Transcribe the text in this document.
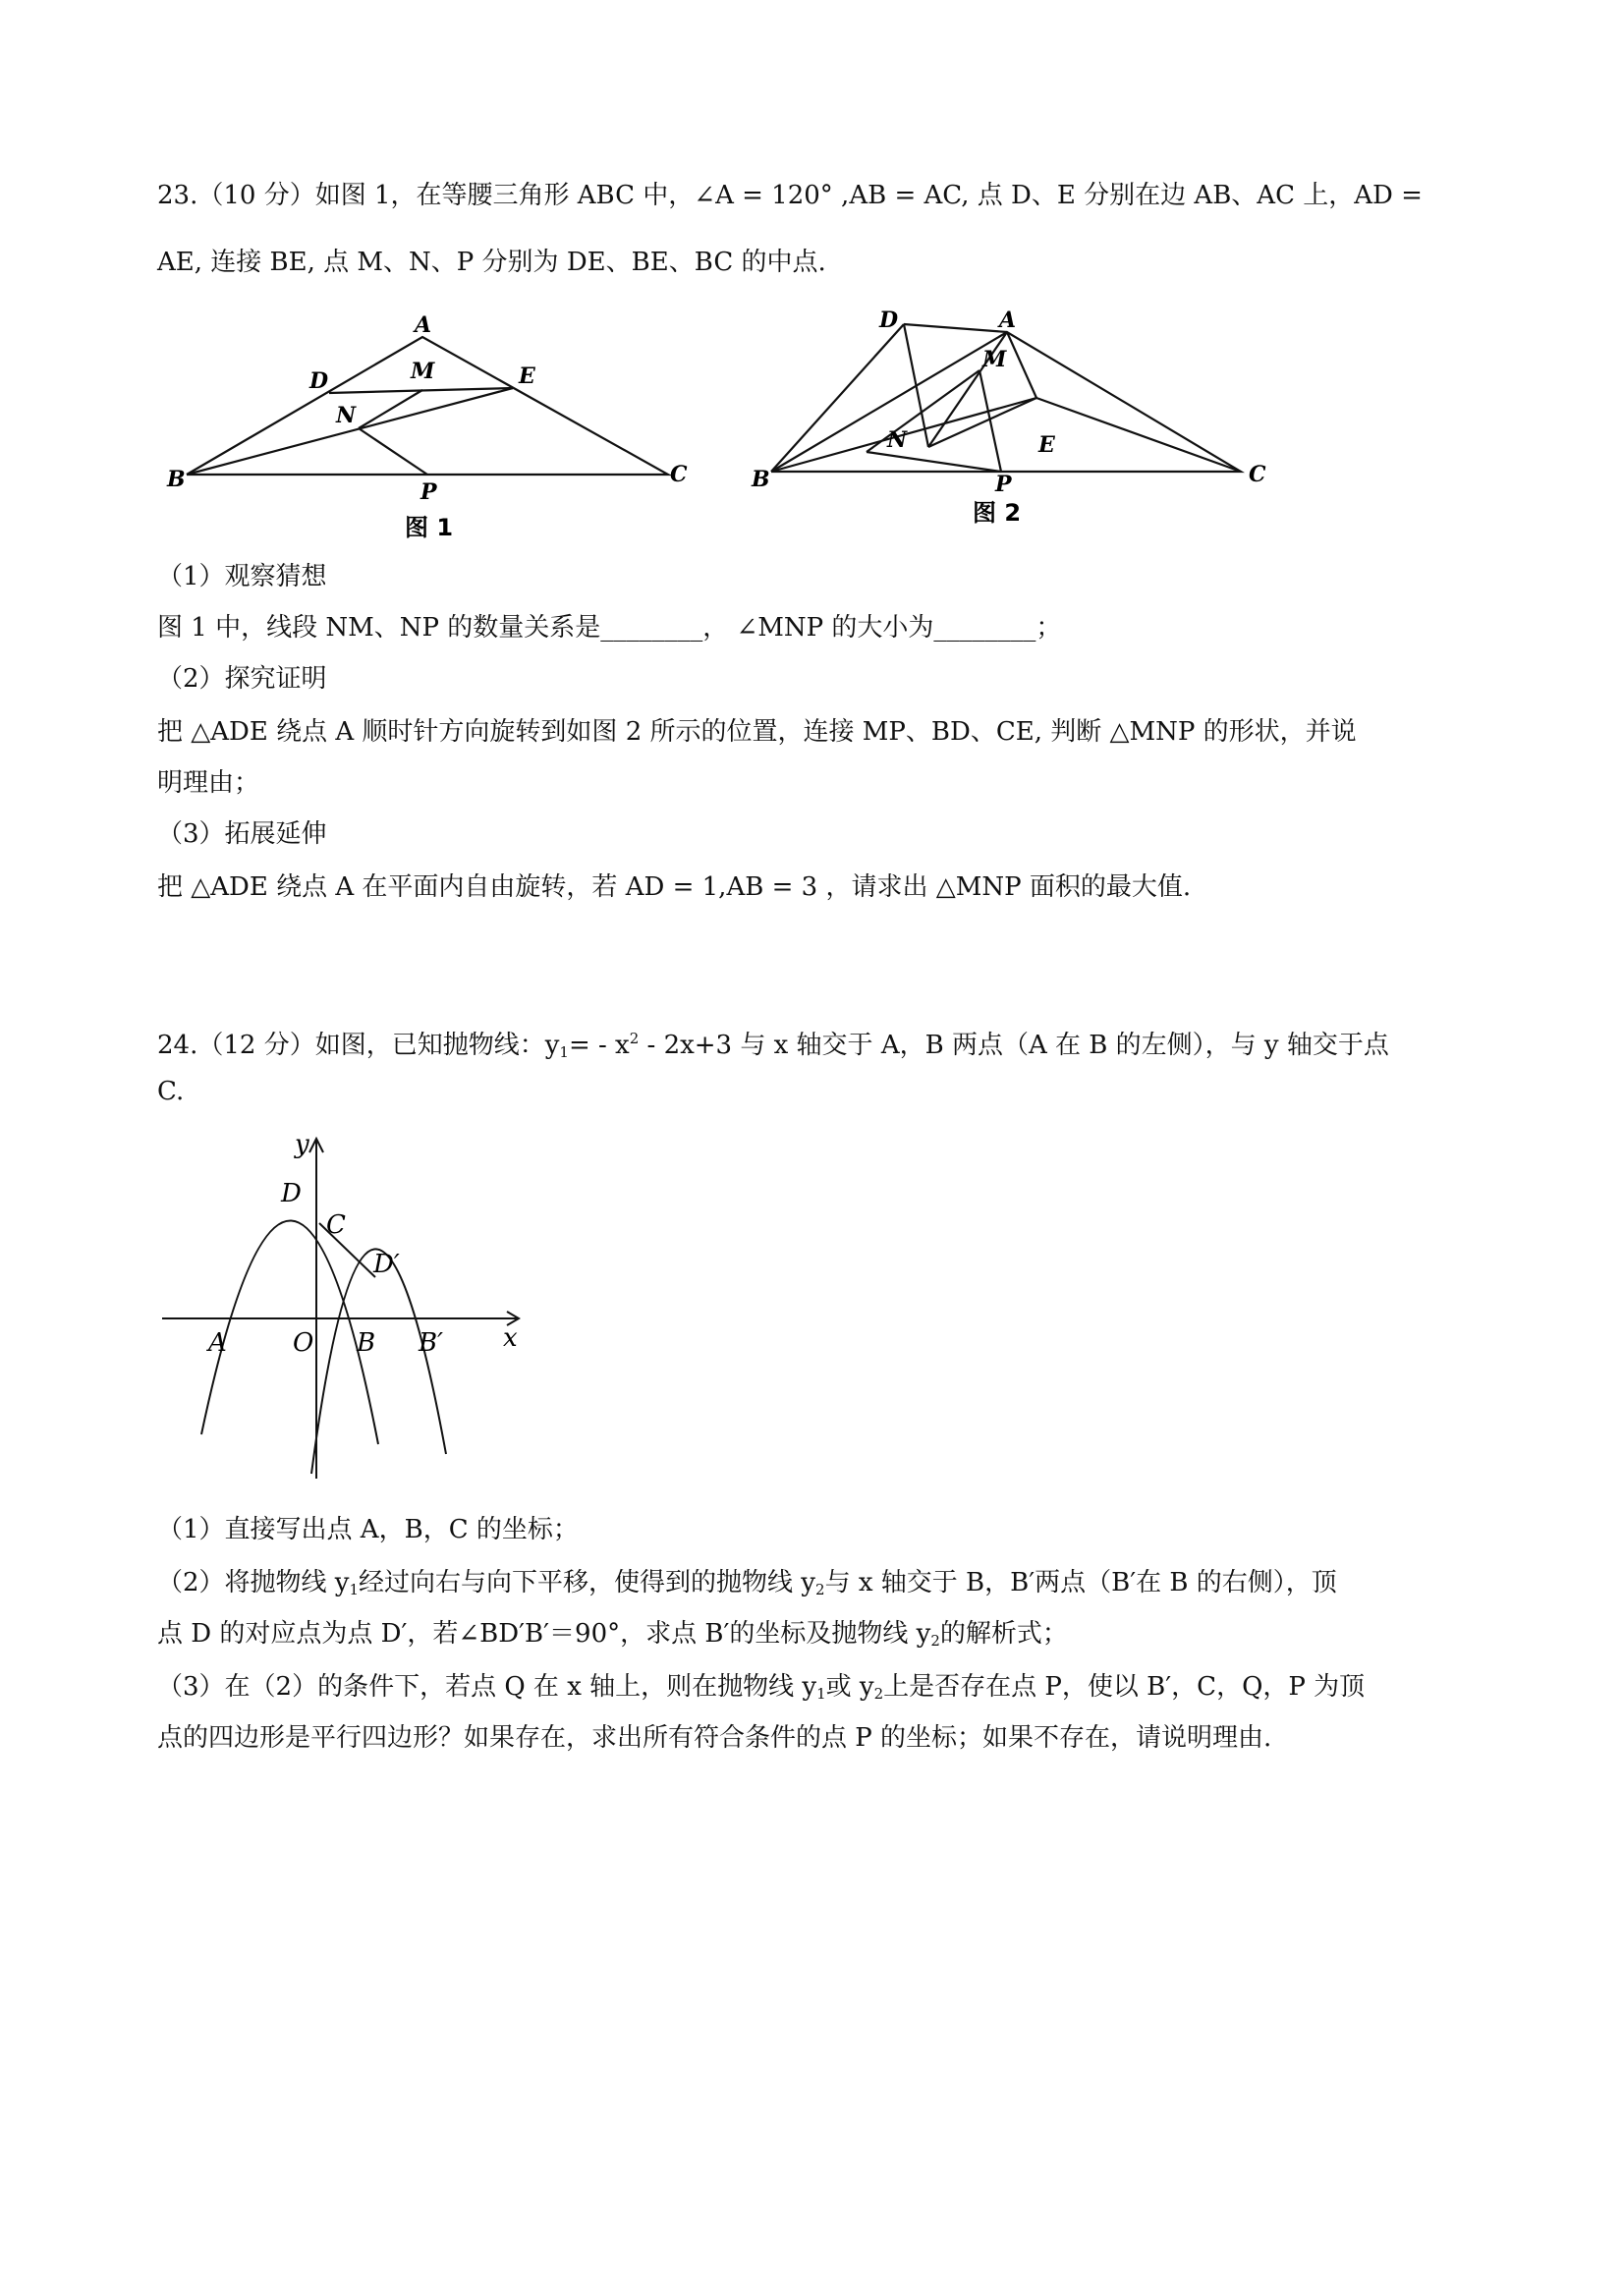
23.（10 分）如图 1，在等腰三角形 ABC 中，∠A = 120° ,AB = AC, 点 D、E 分别在边 AB、AC 上，AD =
AE, 连接 BE, 点 M、N、P 分别为 DE、BE、BC 的中点.
A
B	C
D	E
M
N
P
图 1
D	A
M
N	E
B	C
P
图 2
（1）观察猜想
图 1 中，线段 NM、NP 的数量关系是________， ∠MNP 的大小为________；
（2）探究证明
把 △ADE 绕点 A 顺时针方向旋转到如图 2 所示的位置，连接 MP、BD、CE, 判断 △MNP 的形状，并说
明理由；
（3）拓展延伸
把 △ADE 绕点 A 在平面内自由旋转，若 AD = 1,AB = 3 ，请求出 △MNP 面积的最大值.
24.（12 分）如图，已知抛物线：$y_1= - x^2 - 2x+3$ 与 x 轴交于 A，B 两点（A 在 B 的左侧），与 y 轴交于点
C.
y
x
D
C
D′
A	O B B′
（1）直接写出点 A，B，C 的坐标；
（2）将抛物线 $y_1$经过向右与向下平移，使得到的抛物线 $y_2$与 x 轴交于 B，B′两点（B′在 B 的右侧），顶
点 D 的对应点为点 D′，若∠BD′B′＝90°，求点 B′的坐标及抛物线 $y_2$的解析式；
（3）在（2）的条件下，若点 Q 在 x 轴上，则在抛物线 $y_1$或 $y_2$上是否存在点 P，使以 B′，C，Q，P 为顶
点的四边形是平行四边形？如果存在，求出所有符合条件的点 P 的坐标；如果不存在，请说明理由.
